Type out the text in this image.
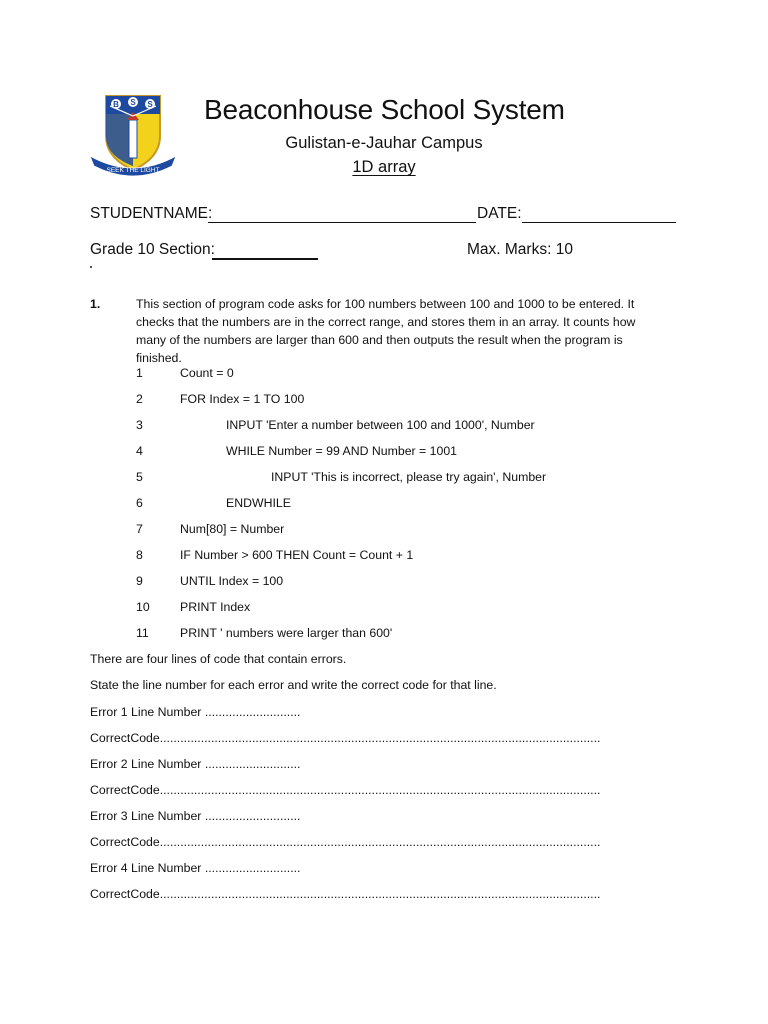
B S S
SEEK THE LIGHT
Beaconhouse School System
Gulistan-e-Jauhar Campus
1D array
STUDENTNAME:	DATE:
Grade 10 Section:	Max. Marks: 10
1.	This section of program code asks for 100 numbers between 100 and 1000 to be entered. It checks that the numbers are in the correct range, and stores them in an array. It counts how many of the numbers are larger than 600 and then outputs the result when the program is finished.
1	Count = 0
2	FOR Index = 1 TO 100
3	INPUT 'Enter a number between 100 and 1000', Number
4	WHILE Number = 99 AND Number = 1001
5	INPUT 'This is incorrect, please try again', Number
6	ENDWHILE
7	Num[80] = Number
8	IF Number > 600 THEN Count = Count + 1
9	UNTIL Index = 100
10 PRINT Index
11	PRINT ' numbers were larger than 600'
There are four lines of code that contain errors.
State the line number for each error and write the correct code for that line.
Error 1 Line Number ............................
CorrectCode.................................................................................................................................
Error 2 Line Number ............................
CorrectCode.................................................................................................................................
Error 3 Line Number ............................
CorrectCode.................................................................................................................................
Error 4 Line Number ............................
CorrectCode.................................................................................................................................
